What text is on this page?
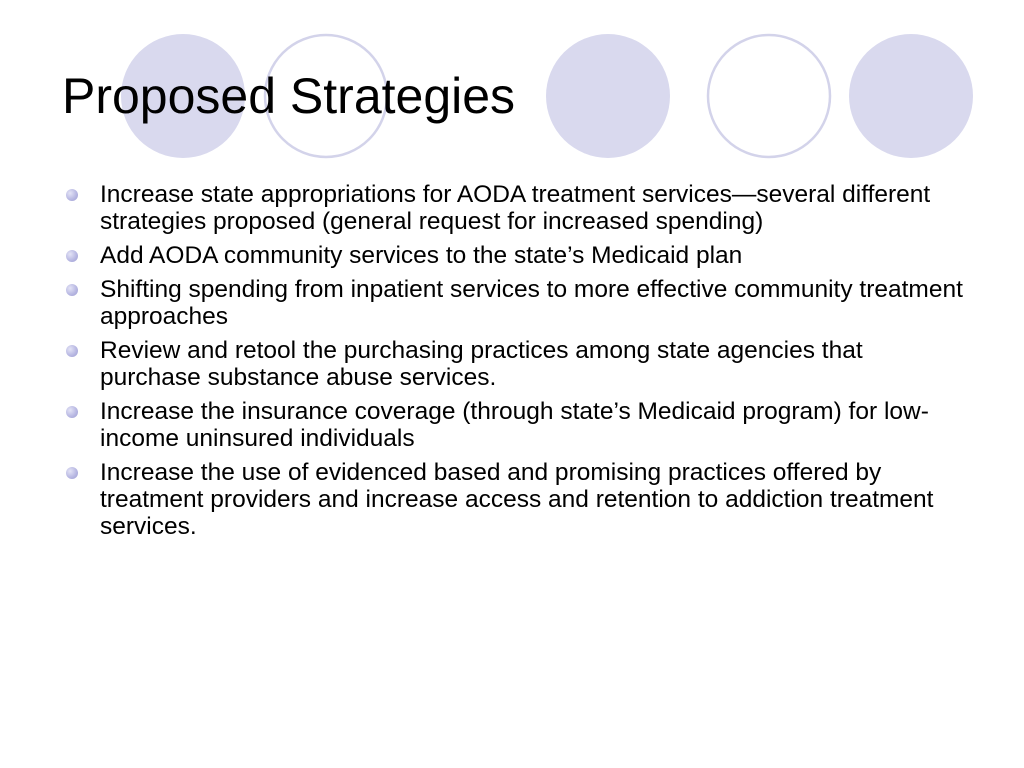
Proposed Strategies
Increase state appropriations for AODA treatment services—several different strategies proposed (general request for increased spending)
Add AODA community services to the state’s Medicaid plan
Shifting spending from inpatient services to more effective community treatment approaches
Review and retool the purchasing practices among state agencies that purchase substance abuse services.
Increase the insurance coverage (through state’s Medicaid program) for low-income uninsured individuals
Increase the use of evidenced based and promising practices offered by treatment providers and increase access and retention to addiction treatment services.
